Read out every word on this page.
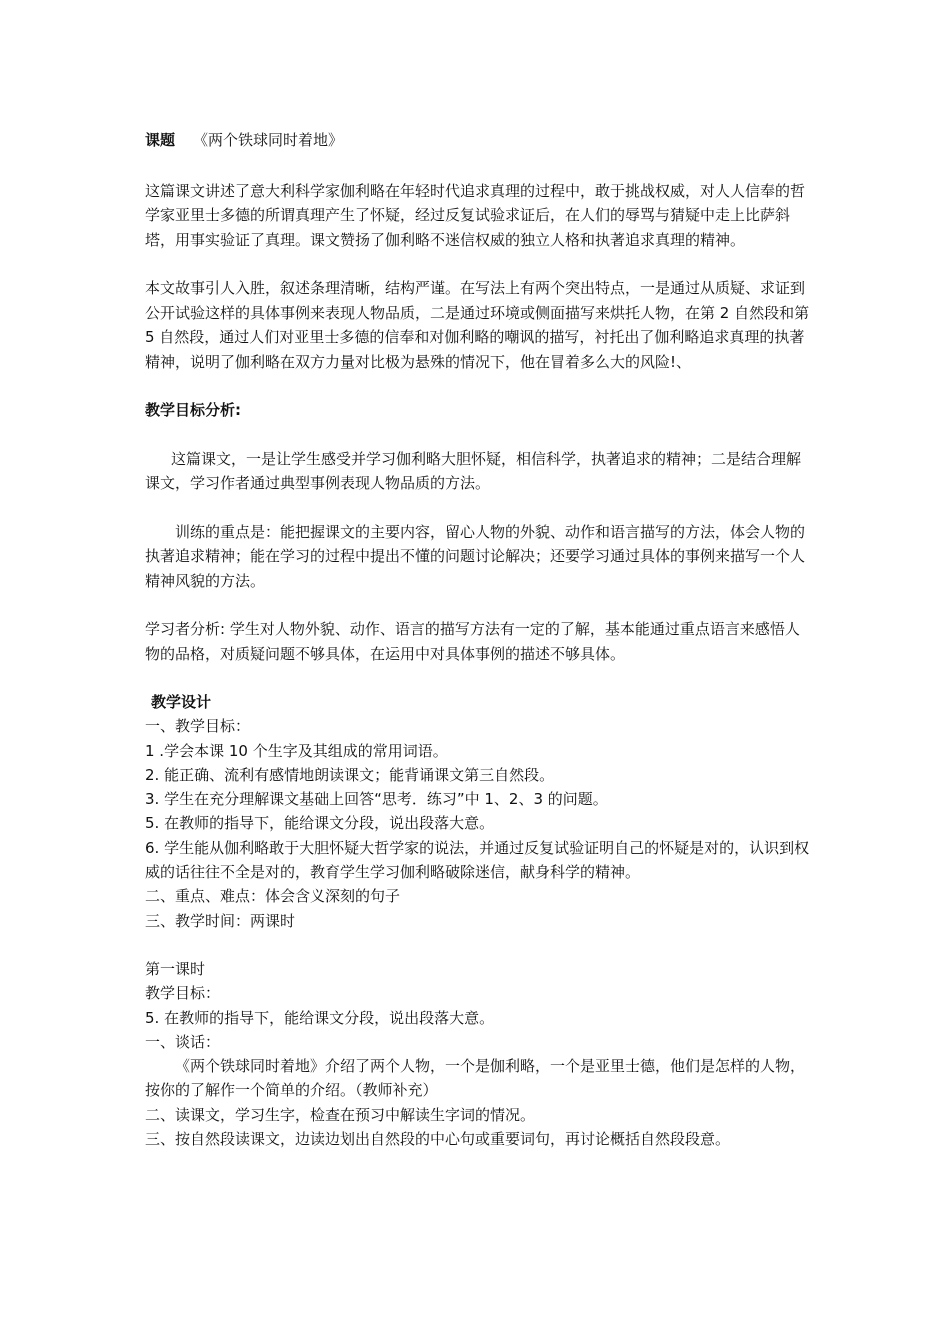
课题 《两个铁球同时着地》

这篇课文讲述了意大利科学家伽利略在年轻时代追求真理的过程中，敢于挑战权威，对人人信奉的哲学家亚里士多德的所谓真理产生了怀疑，经过反复试验求证后，在人们的辱骂与猜疑中走上比萨斜塔，用事实验证了真理。课文赞扬了伽利略不迷信权威的独立人格和执著追求真理的精神。

本文故事引人入胜，叙述条理清晰，结构严谨。在写法上有两个突出特点，一是通过从质疑、求证到公开试验这样的具体事例来表现人物品质，二是通过环境或侧面描写来烘托人物，在第 2 自然段和第 5 自然段，通过人们对亚里士多德的信奉和对伽利略的嘲讽的描写，衬托出了伽利略追求真理的执著精神，说明了伽利略在双方力量对比极为悬殊的情况下，他在冒着多么大的风险!、

教学目标分析:

这篇课文，一是让学生感受并学习伽利略大胆怀疑，相信科学，执著追求的精神；二是结合理解课文，学习作者通过典型事例表现人物品质的方法。

训练的重点是：能把握课文的主要内容，留心人物的外貌、动作和语言描写的方法，体会人物的执著追求精神；能在学习的过程中提出不懂的问题讨论解决；还要学习通过具体的事例来描写一个人精神风貌的方法。

学习者分析: 学生对人物外貌、动作、语言的描写方法有一定的了解，基本能通过重点语言来感悟人物的品格，对质疑问题不够具体，在运用中对具体事例的描述不够具体。

教学设计

一、教学目标：

1 .学会本课 10 个生字及其组成的常用词语。

2. 能正确、流利有感情地朗读课文；能背诵课文第三自然段。

3. 学生在充分理解课文基础上回答“思考．练习”中 1、2、3 的问题。

5. 在教师的指导下，能给课文分段，说出段落大意。

6. 学生能从伽利略敢于大胆怀疑大哲学家的说法，并通过反复试验证明自己的怀疑是对的，认识到权威的话往往不全是对的，教育学生学习伽利略破除迷信，献身科学的精神。

二、重点、难点：体会含义深刻的句子

三、教学时间：两课时

第一课时

教学目标：

5. 在教师的指导下，能给课文分段，说出段落大意。

一、谈话：

《两个铁球同时着地》介绍了两个人物，一个是伽利略，一个是亚里士德，他们是怎样的人物，按你的了解作一个简单的介绍。（教师补充）

二、读课文，学习生字，检查在预习中解读生字词的情况。

三、按自然段读课文，边读边划出自然段的中心句或重要词句，再讨论概括自然段段意。
